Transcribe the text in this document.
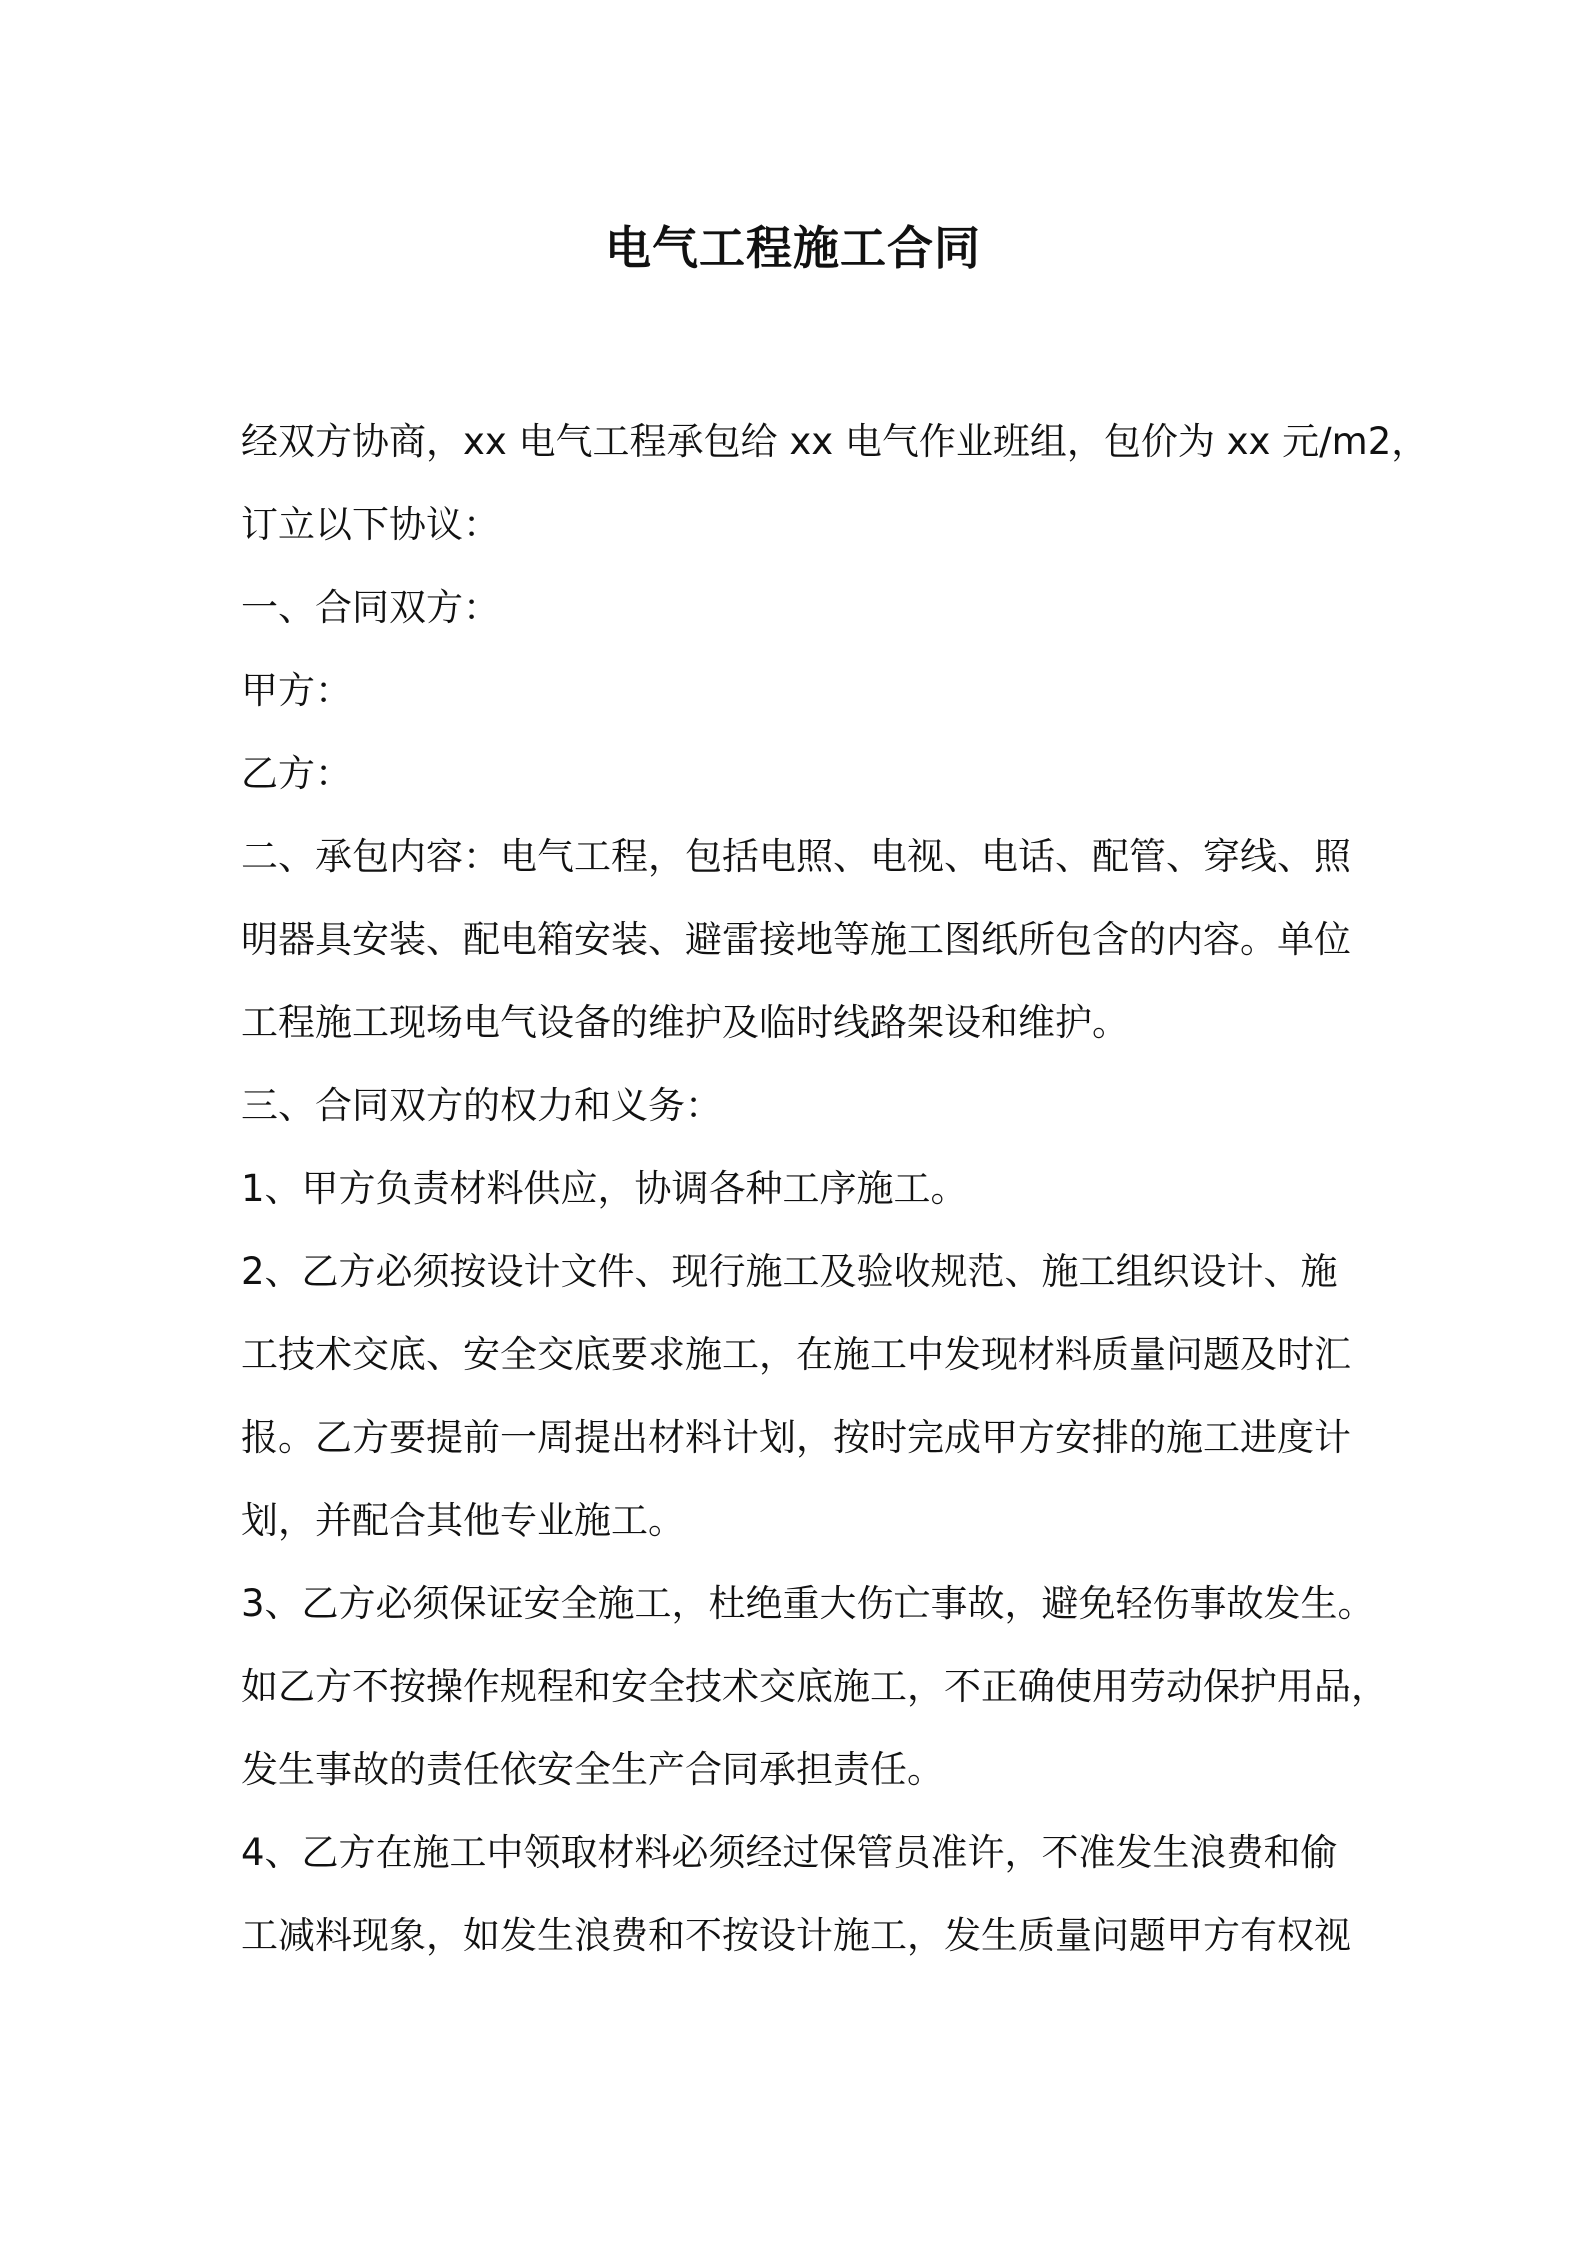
电气工程施工合同

经双方协商，xx 电气工程承包给 xx 电气作业班组，包价为 xx 元/m2，

订立以下协议：

一、合同双方：

甲方：

乙方：

二、承包内容：电气工程，包括电照、电视、电话、配管、穿线、照

明器具安装、配电箱安装、避雷接地等施工图纸所包含的内容。单位

工程施工现场电气设备的维护及临时线路架设和维护。

三、合同双方的权力和义务：

1、甲方负责材料供应，协调各种工序施工。

2、乙方必须按设计文件、现行施工及验收规范、施工组织设计、施

工技术交底、安全交底要求施工，在施工中发现材料质量问题及时汇

报。乙方要提前一周提出材料计划，按时完成甲方安排的施工进度计

划，并配合其他专业施工。

3、乙方必须保证安全施工，杜绝重大伤亡事故，避免轻伤事故发生。

如乙方不按操作规程和安全技术交底施工，不正确使用劳动保护用品，

发生事故的责任依安全生产合同承担责任。

4、乙方在施工中领取材料必须经过保管员准许，不准发生浪费和偷

工减料现象，如发生浪费和不按设计施工，发生质量问题甲方有权视
